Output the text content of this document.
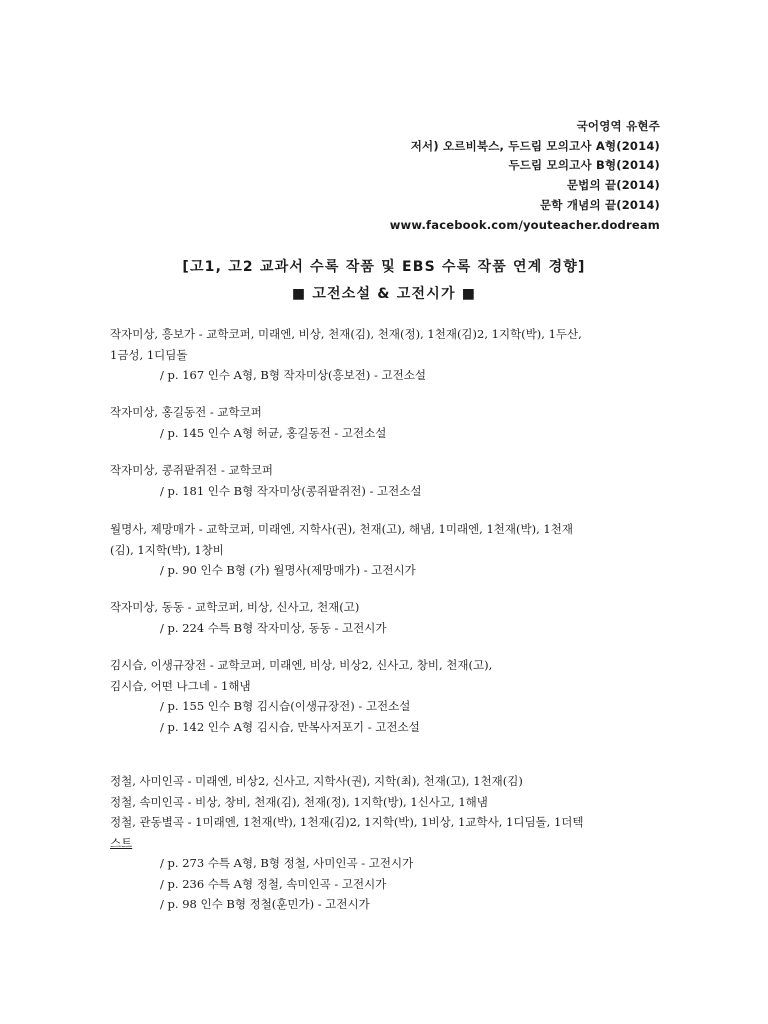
국어영역 유현주
저서) 오르비북스, 두드림 모의고사 A형(2014)
두드림 모의고사 B형(2014)
문법의 끝(2014)
문학 개념의 끝(2014)
www.facebook.com/youteacher.dodream
[고1, 고2 교과서 수록 작품 및 EBS 수록 작품 연계 경향]
■ 고전소설 & 고전시가 ■
작자미상, 흥보가 - 교학코퍼, 미래엔, 비상, 천재(김), 천재(정), 1천재(김)2, 1지학(박), 1두산,
1금성, 1디딤돌
/ p. 167 인수 A형, B형 작자미상(흥보전) - 고전소설
작자미상, 홍길동전 - 교학코퍼
/ p. 145 인수 A형 허균, 홍길동전 - 고전소설
작자미상, 콩쥐팥쥐전 - 교학코퍼
/ p. 181 인수 B형 작자미상(콩쥐팥쥐전) - 고전소설
월명사, 제망매가 - 교학코퍼, 미래엔, 지학사(권), 천재(고), 해냄, 1미래엔, 1천재(박), 1천재
(김), 1지학(박), 1창비
/ p. 90 인수 B형 (가) 월명사(제망매가) - 고전시가
작자미상, 동동 - 교학코퍼, 비상, 신사고, 천재(고)
/ p. 224 수특 B형 작자미상, 동동 - 고전시가
김시습, 이생규장전 - 교학코퍼, 미래엔, 비상, 비상2, 신사고, 창비, 천재(고),
김시습, 어떤 나그네 - 1해냄
/ p. 155 인수 B형 김시습(이생규장전) - 고전소설
/ p. 142 인수 A형 김시습, 만복사저포기 - 고전소설
정철, 사미인곡 - 미래엔, 비상2, 신사고, 지학사(권), 지학(최), 천재(고), 1천재(김)
정철, 속미인곡 - 비상, 창비, 천재(김), 천재(정), 1지학(방), 1신사고, 1해냄
정철, 관동별곡 - 1미래엔, 1천재(박), 1천재(김)2, 1지학(박), 1비상, 1교학사, 1디딤돌, 1더텍
스트
/ p. 273 수특 A형, B형 정철, 사미인곡 - 고전시가
/ p. 236 수특 A형 정철, 속미인곡 - 고전시가
/ p. 98 인수 B형 정철(훈민가) - 고전시가
